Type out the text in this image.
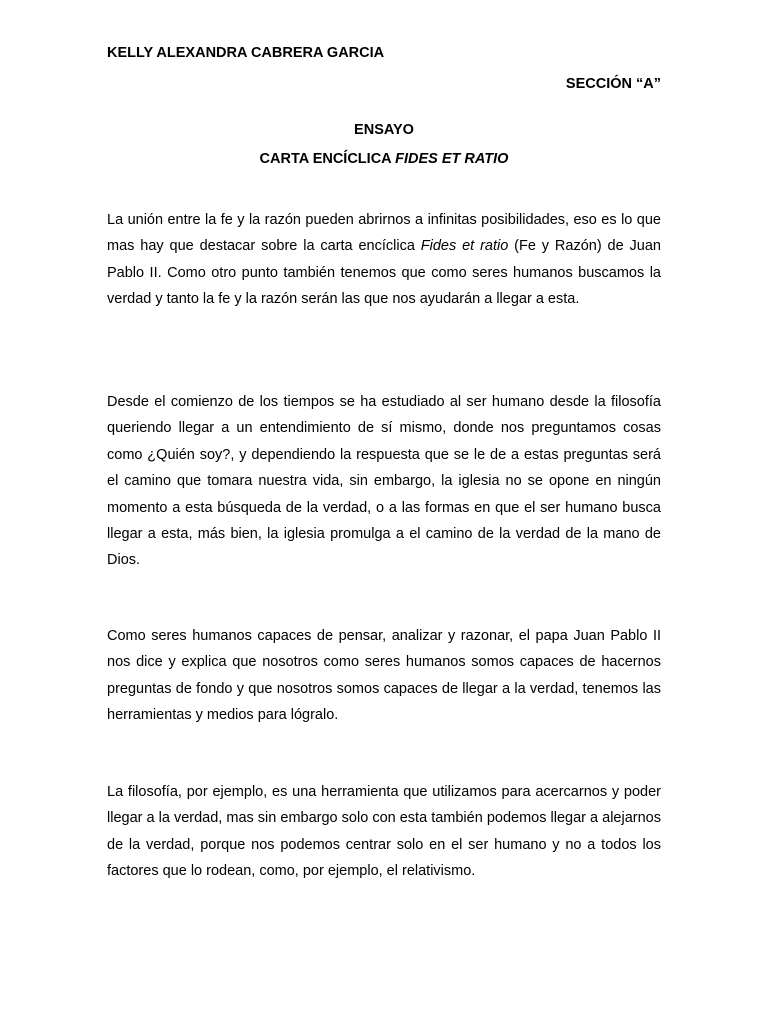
KELLY ALEXANDRA CABRERA GARCIA
SECCIÓN “A”
ENSAYO
CARTA ENCÍCLICA FIDES ET RATIO

La unión entre la fe y la razón pueden abrirnos a infinitas posibilidades, eso es lo que mas hay que destacar sobre la carta encíclica Fides et ratio (Fe y Razón) de Juan Pablo II. Como otro punto también tenemos que como seres humanos buscamos la verdad y tanto la fe y la razón serán las que nos ayudarán a llegar a esta.

Desde el comienzo de los tiempos se ha estudiado al ser humano desde la filosofía queriendo llegar a un entendimiento de sí mismo, donde nos preguntamos cosas como ¿Quién soy?, y dependiendo la respuesta que se le de a estas preguntas será el camino que tomara nuestra vida, sin embargo, la iglesia no se opone en ningún momento a esta búsqueda de la verdad, o a las formas en que el ser humano busca llegar a esta, más bien, la iglesia promulga a el camino de la verdad de la mano de Dios.

Como seres humanos capaces de pensar, analizar y razonar, el papa Juan Pablo II nos dice y explica que nosotros como seres humanos somos capaces de hacernos preguntas de fondo y que nosotros somos capaces de llegar a la verdad, tenemos las herramientas y medios para lógralo.

La filosofía, por ejemplo, es una herramienta que utilizamos para acercarnos y poder llegar a la verdad, mas sin embargo solo con esta también podemos llegar a alejarnos de la verdad, porque nos podemos centrar solo en el ser humano y no a todos los factores que lo rodean, como, por ejemplo, el relativismo.
